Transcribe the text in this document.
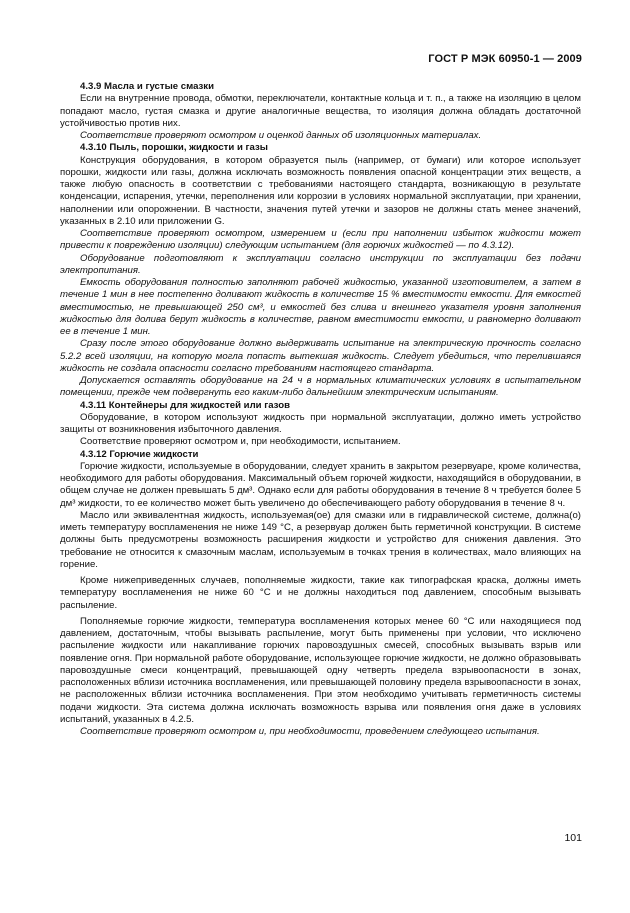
ГОСТ Р МЭК 60950-1 — 2009

4.3.9 Масла и густые смазки

Если на внутренние провода, обмотки, переключатели, контактные кольца и т. п., а также на изоляцию в целом попадают масло, густая смазка и другие аналогичные вещества, то изоляция должна обладать достаточной устойчивостью против них.

Соответствие проверяют осмотром и оценкой данных об изоляционных материалах.

4.3.10 Пыль, порошки, жидкости и газы

Конструкция оборудования, в котором образуется пыль (например, от бумаги) или которое использует порошки, жидкости или газы, должна исключать возможность появления опасной концентрации этих веществ, а также любую опасность в соответствии с требованиями настоящего стандарта, возникающую в результате конденсации, испарения, утечки, переполнения или коррозии в условиях нормальной эксплуатации, при хранении, наполнении или опорожнении. В частности, значения путей утечки и зазоров не должны стать менее значений, указанных в 2.10 или приложении G.

Соответствие проверяют осмотром, измерением и (если при наполнении избыток жидкости может привести к повреждению изоляции) следующим испытанием (для горючих жидкостей — по 4.3.12).

Оборудование подготовляют к эксплуатации согласно инструкции по эксплуатации без подачи электропитания.

Емкость оборудования полностью заполняют рабочей жидкостью, указанной изготовителем, а затем в течение 1 мин в нее постепенно доливают жидкость в количестве 15 % вместимости емкости. Для емкостей вместимостью, не превышающей 250 см³, и емкостей без слива и внешнего указателя уровня заполнения жидкостью для долива берут жидкость в количестве, равном вместимости емкости, и равномерно доливают ее в течение 1 мин.

Сразу после этого оборудование должно выдерживать испытание на электрическую прочность согласно 5.2.2 всей изоляции, на которую могла попасть вытекшая жидкость. Следует убедиться, что перелившаяся жидкость не создала опасности согласно требованиям настоящего стандарта.

Допускается оставлять оборудование на 24 ч в нормальных климатических условиях в испытательном помещении, прежде чем подвергнуть его каким-либо дальнейшим электрическим испытаниям.

4.3.11 Контейнеры для жидкостей или газов

Оборудование, в котором используют жидкость при нормальной эксплуатации, должно иметь устройство защиты от возникновения избыточного давления.

Соответствие проверяют осмотром и, при необходимости, испытанием.

4.3.12 Горючие жидкости

Горючие жидкости, используемые в оборудовании, следует хранить в закрытом резервуаре, кроме количества, необходимого для работы оборудования. Максимальный объем горючей жидкости, находящийся в оборудовании, в общем случае не должен превышать 5 дм³. Однако если для работы оборудования в течение 8 ч требуется более 5 дм³ жидкости, то ее количество может быть увеличено до обеспечивающего работу оборудования в течение 8 ч.

Масло или эквивалентная жидкость, используемая(ое) для смазки или в гидравлической системе, должна(о) иметь температуру воспламенения не ниже 149 °С, а резервуар должен быть герметичной конструкции. В системе должны быть предусмотрены возможность расширения жидкости и устройство для снижения давления. Это требование не относится к смазочным маслам, используемым в точках трения в количествах, мало влияющих на горение.

Кроме нижеприведенных случаев, пополняемые жидкости, такие как типографская краска, должны иметь температуру воспламенения не ниже 60 °С и не должны находиться под давлением, способным вызывать распыление.

Пополняемые горючие жидкости, температура воспламенения которых менее 60 °С или находящиеся под давлением, достаточным, чтобы вызывать распыление, могут быть применены при условии, что исключено распыление жидкости или накапливание горючих паровоздушных смесей, способных вызывать взрыв или появление огня. При нормальной работе оборудование, использующее горючие жидкости, не должно образовывать паровоздушные смеси концентраций, превышающей одну четверть предела взрывоопасности в зонах, расположенных вблизи источника воспламенения, или превышающей половину предела взрывоопасности в зонах, не расположенных вблизи источника воспламенения. При этом необходимо учитывать герметичность системы подачи жидкости. Эта система должна исключать возможность взрыва или появления огня даже в условиях испытаний, указанных в 4.2.5.

Соответствие проверяют осмотром и, при необходимости, проведением следующего испытания.

101
